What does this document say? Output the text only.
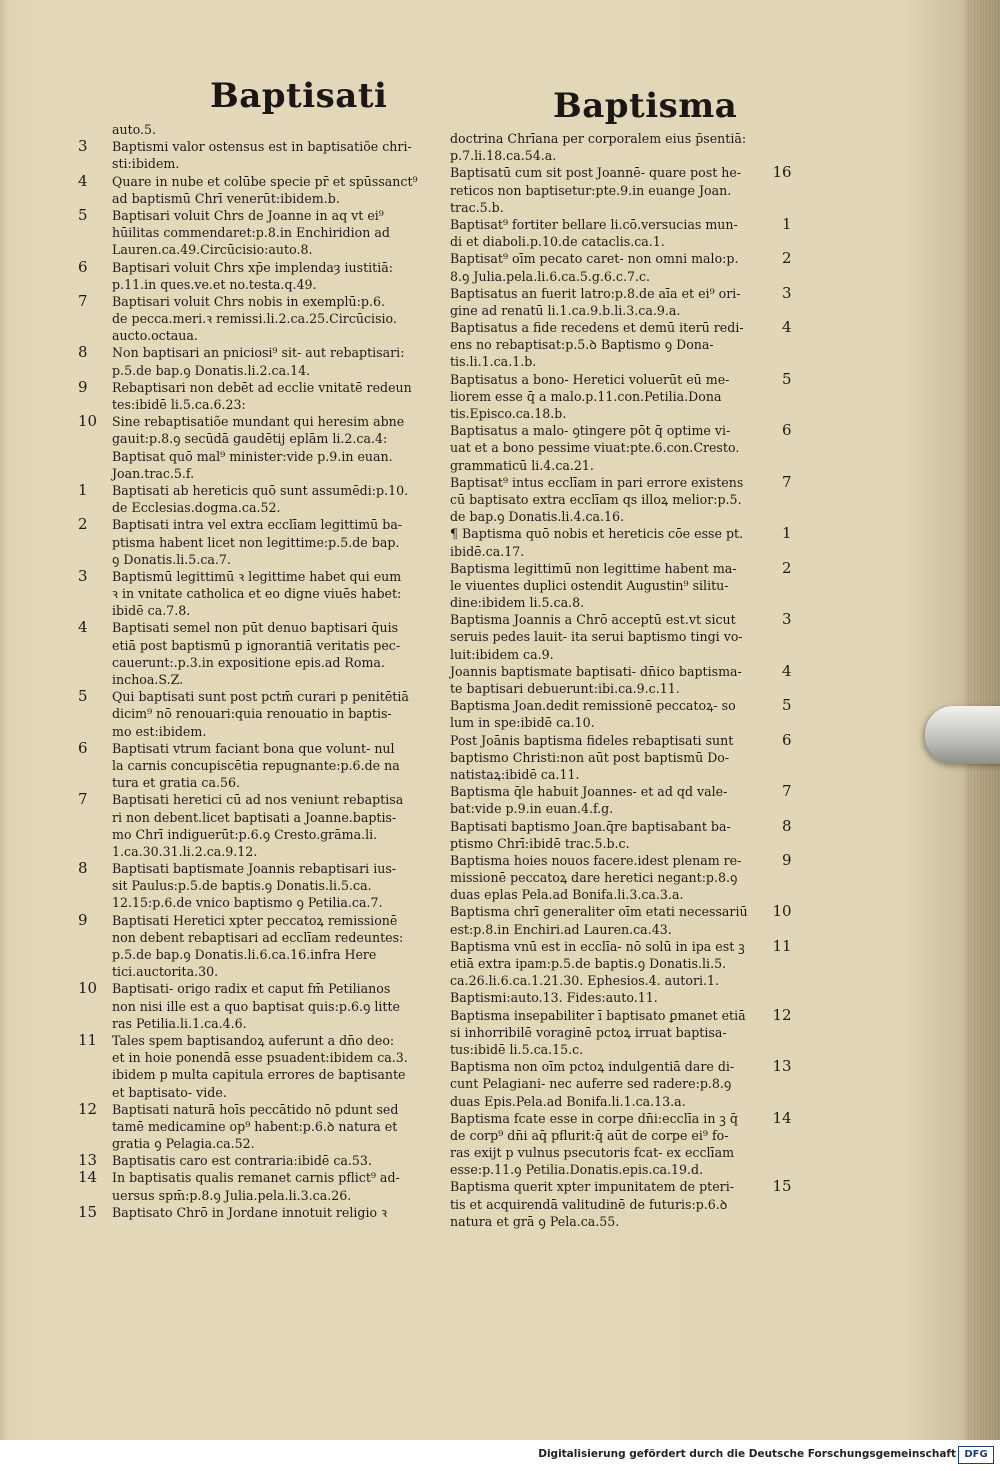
Baptisati	Baptisma
auto.5.
3 Baptismi valor ostensus est in baptisatiõe chri-
sti:ibidem.
4 Quare in nube et colūbe specie pr̄ et spūssanct⁹
ad baptismū Chrī venerūt:ibidem.b.
5 Baptisari voluit Chrs de Joanne in aq vt ei⁹
hūilitas commendaret:p.8.in Enchiridion ad
Lauren.ca.49.Circūcisio:auto.8.
6 Baptisari voluit Chrs xp̄e implendaȝ iustitiā:
p.11.in ques.ve.et no.testa.q.49.
7 Baptisari voluit Chrs nobis in exemplū:p.6.
de pecca.meri.ꝛ remissi.li.2.ca.25.Circūcisio.
aucto.octaua.
8 Non baptisari an pniciosi⁹ sit- aut rebaptisari:
p.5.de bap.ꝯ Donatis.li.2.ca.14.
9 Rebaptisari non debēt ad ecclie vnitatē redeun
tes:ibidē li.5.ca.6.23:
10 Sine rebaptisatiõe mundant qui heresim abne
gauit:p.8.ꝯ secūdā gaudētij eplām li.2.ca.4:
Baptisat quō mal⁹ minister:vide p.9.in euan.
Joan.trac.5.f.
1 Baptisati ab hereticis quō sunt assumēdi:p.10.
de Ecclesias.dogma.ca.52.
2 Baptisati intra vel extra ecclīam legittimū ba-
ptisma habent licet non legittime:p.5.de bap.
ꝯ Donatis.li.5.ca.7.
3 Baptismū legittimū ꝛ legittime habet qui eum
ꝛ in vnitate catholica et eo digne viuēs habet:
ibidē ca.7.8.
4 Baptisati semel non pūt denuo baptisari q̄uis
etiā post baptismū p ignorantiā veritatis pec-
cauerunt:.p.3.in expositione epis.ad Roma.
inchoa.S.Z.
5 Qui baptisati sunt post pctm̄ curari p penitētiā
dicim⁹ nō renouari:quia renouatio in baptis-
mo est:ibidem.
6 Baptisati vtrum faciant bona que volunt- nul
la carnis concupiscētia repugnante:p.6.de na
tura et gratia ca.56.
7 Baptisati heretici cū ad nos veniunt rebaptisa
ri non debent.licet baptisati a Joanne.baptis-
mo Chrī indiguerūt:p.6.ꝯ Cresto.grāma.li.
1.ca.30.31.li.2.ca.9.12.
8 Baptisati baptismate Joannis rebaptisari ius-
sit Paulus:p.5.de baptis.ꝯ Donatis.li.5.ca.
12.15:p.6.de vnico baptismo ꝯ Petilia.ca.7.
9 Baptisati Heretici xpter peccatoꝝ remissionē
non debent rebaptisari ad ecclīam redeuntes:
p.5.de bap.ꝯ Donatis.li.6.ca.16.infra Here
tici.auctorita.30.
10 Baptisati- origo radix et caput fm̄ Petilianos
non nisi ille est a quo baptisat quis:p.6.ꝯ litte
ras Petilia.li.1.ca.4.6.
11 Tales spem baptisandoꝝ auferunt a dn̄o deo:
et in hoie ponendā esse psuadent:ibidem ca.3.
ibidem p multa capitula errores de baptisante
et baptisato- vide.
12 Baptisati naturā hoīs peccātido nō pdunt sed
tamē medicamine op⁹ habent:p.6.ꝺ natura et
gratia ꝯ Pelagia.ca.52.
13 Baptisatis caro est contraria:ibidē ca.53.
14 In baptisatis qualis remanet carnis pflict⁹ ad-
uersus spm̄:p.8.ꝯ Julia.pela.li.3.ca.26.
15 Baptisato Chrō in Jordane innotuit religio ꝛ
doctrina Chrīana per corporalem eius p̄sentiā:
p.7.li.18.ca.54.a.
16
Baptisatū cum sit post Joannē- quare post he-
reticos non baptisetur:pte.9.in euange Joan.
trac.5.b.
1
Baptisat⁹ fortiter bellare li.cō.versucias mun-
di et diaboli.p.10.de cataclis.ca.1.
2
Baptisat⁹ oīm pecato caret- non omni malo:p.
8.ꝯ Julia.pela.li.6.ca.5.g.6.c.7.c.
3
Baptisatus an fuerit latro:p.8.de aīa et ei⁹ ori-
gine ad renatū li.1.ca.9.b.li.3.ca.9.a.
4
Baptisatus a fide recedens et demū iterū redi-
ens no rebaptisat:p.5.ꝺ Baptismo ꝯ Dona-
tis.li.1.ca.1.b.
5
Baptisatus a bono- Heretici voluerūt eū me-
liorem esse q̄ a malo.p.11.con.Petilia.Dona
tis.Episco.ca.18.b.
6
Baptisatus a malo- ꝯtingere pōt q̄ optime vi-
uat et a bono pessime viuat:pte.6.con.Cresto.
grammaticū li.4.ca.21.
7
Baptisat⁹ intus ecclīam in pari errore existens
cū baptisato extra ecclīam qs illoꝝ melior:p.5.
de bap.ꝯ Donatis.li.4.ca.16.
1
¶ Baptisma quō nobis et hereticis cōe esse pt.
ibidē.ca.17.
2
Baptisma legittimū non legittime habent ma-
le viuentes duplici ostendit Augustin⁹ silitu-
dine:ibidem li.5.ca.8.
3
Baptisma Joannis a Chrō acceptū est.vt sicut
seruis pedes lauit- ita serui baptismo tingi vo-
luit:ibidem ca.9.
4
Joannis baptismate baptisati- dn̄ico baptisma-
te baptisari debuerunt:ibi.ca.9.c.11.
5
Baptisma Joan.dedit remissionē peccatoꝝ- so
lum in spe:ibidē ca.10.
6
Post Joānis baptisma fideles rebaptisati sunt
baptismo Christi:non aūt post baptismū Do-
natistaꝝ:ibidē ca.11.
7
Baptisma q̄le habuit Joannes- et ad qd vale-
bat:vide p.9.in euan.4.f.g.
8
Baptisati baptismo Joan.q̄re baptisabant ba-
ptismo Chrī:ibidē trac.5.b.c.
9
Baptisma hoies nouos facere.idest plenam re-
missionē peccatoꝝ dare heretici negant:p.8.ꝯ
duas eplas Pela.ad Bonifa.li.3.ca.3.a.
10
Baptisma chrī generaliter oīm etati necessariū
est:p.8.in Enchiri.ad Lauren.ca.43.
11
Baptisma vnū est in ecclīa- nō solū in ipa est ꝫ
etiā extra ipam:p.5.de baptis.ꝯ Donatis.li.5.
ca.26.li.6.ca.1.21.30. Ephesios.4. autori.1.
Baptismi:auto.13. Fides:auto.11.
12
Baptisma insepabiliter ī baptisato ꝑmanet etiā
si inhorribilē voraginē pctoꝝ irruat baptisa-
tus:ibidē li.5.ca.15.c.
13
Baptisma non oīm pctoꝝ indulgentiā dare di-
cunt Pelagiani- nec auferre sed radere:p.8.ꝯ
duas Epis.Pela.ad Bonifa.li.1.ca.13.a.
14
Baptisma fcate esse in corpe dn̄i:ecclīa in ꝫ q̄
de corp⁹ dn̄i aq̄ pflurit:q̄ aūt de corpe ei⁹ fo-
ras exijt p vulnus psecutoris fcat- ex ecclīam
esse:p.11.ꝯ Petilia.Donatis.epis.ca.19.d.
15
Baptisma querit xpter impunitatem de pteri-
tis et acquirendā valitudinē de futuris:p.6.ꝺ
natura et grā ꝯ Pela.ca.55.
Digitalisierung gefördert durch die Deutsche Forschungsgemeinschaft DFG
